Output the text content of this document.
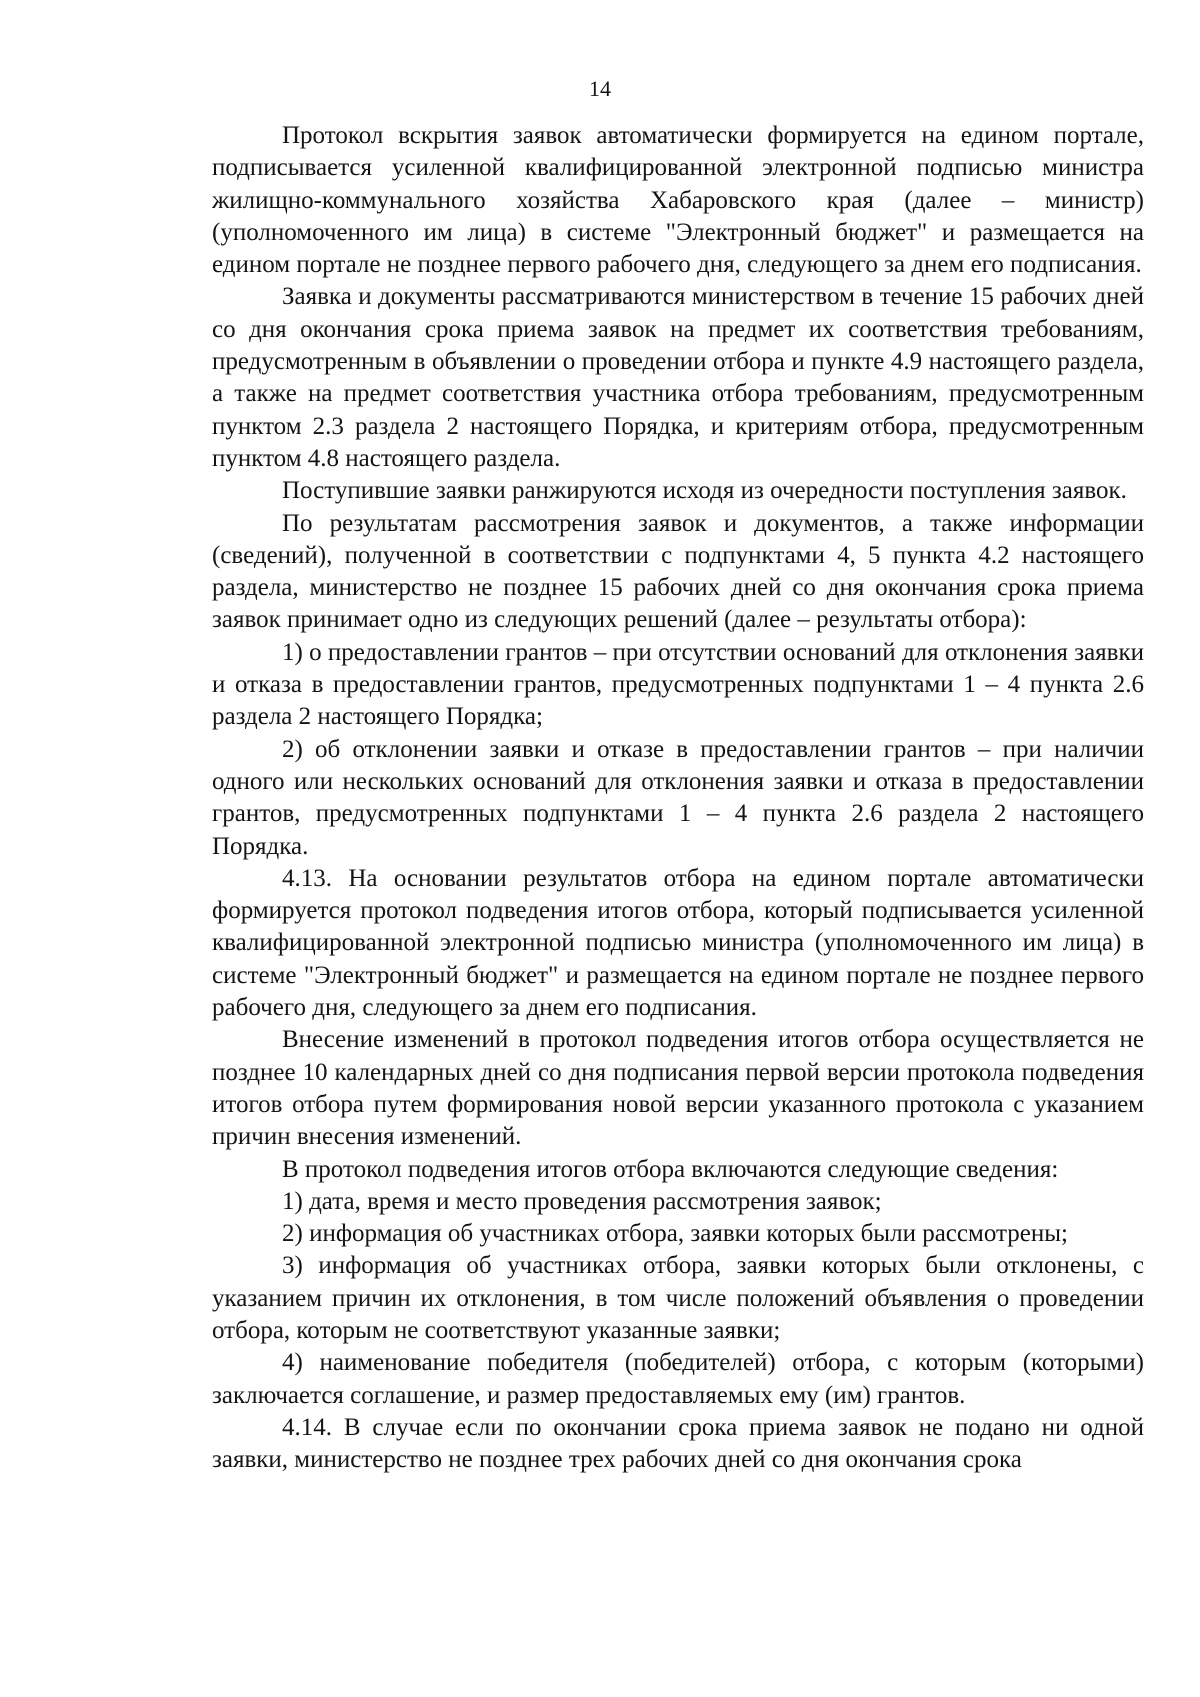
14

Протокол вскрытия заявок автоматически формируется на едином портале, подписывается усиленной квалифицированной электронной подписью министра жилищно-коммунального хозяйства Хабаровского края (далее – министр) (уполномоченного им лица) в системе "Электронный бюджет" и размещается на едином портале не позднее первого рабочего дня, следующего за днем его подписания.

Заявка и документы рассматриваются министерством в течение 15 рабочих дней со дня окончания срока приема заявок на предмет их соответствия требованиям, предусмотренным в объявлении о проведении отбора и пункте 4.9 настоящего раздела, а также на предмет соответствия участника отбора требованиям, предусмотренным пунктом 2.3 раздела 2 настоящего Порядка, и критериям отбора, предусмотренным пунктом 4.8 настоящего раздела.

Поступившие заявки ранжируются исходя из очередности поступления заявок.

По результатам рассмотрения заявок и документов, а также информации (сведений), полученной в соответствии с подпунктами 4, 5 пункта 4.2 настоящего раздела, министерство не позднее 15 рабочих дней со дня окончания срока приема заявок принимает одно из следующих решений (далее – результаты отбора):

1) о предоставлении грантов – при отсутствии оснований для отклонения заявки и отказа в предоставлении грантов, предусмотренных подпунктами 1 – 4 пункта 2.6 раздела 2 настоящего Порядка;

2) об отклонении заявки и отказе в предоставлении грантов – при наличии одного или нескольких оснований для отклонения заявки и отказа в предоставлении грантов, предусмотренных подпунктами 1 – 4 пункта 2.6 раздела 2 настоящего Порядка.

4.13. На основании результатов отбора на едином портале автоматически формируется протокол подведения итогов отбора, который подписывается усиленной квалифицированной электронной подписью министра (уполномоченного им лица) в системе "Электронный бюджет" и размещается на едином портале не позднее первого рабочего дня, следующего за днем его подписания.

Внесение изменений в протокол подведения итогов отбора осуществляется не позднее 10 календарных дней со дня подписания первой версии протокола подведения итогов отбора путем формирования новой версии указанного протокола с указанием причин внесения изменений.

В протокол подведения итогов отбора включаются следующие сведения:

1) дата, время и место проведения рассмотрения заявок;

2) информация об участниках отбора, заявки которых были рассмотрены;

3) информация об участниках отбора, заявки которых были отклонены, с указанием причин их отклонения, в том числе положений объявления о проведении отбора, которым не соответствуют указанные заявки;

4) наименование победителя (победителей) отбора, с которым (которыми) заключается соглашение, и размер предоставляемых ему (им) грантов.

4.14. В случае если по окончании срока приема заявок не подано ни одной заявки, министерство не позднее трех рабочих дней со дня окончания срока
